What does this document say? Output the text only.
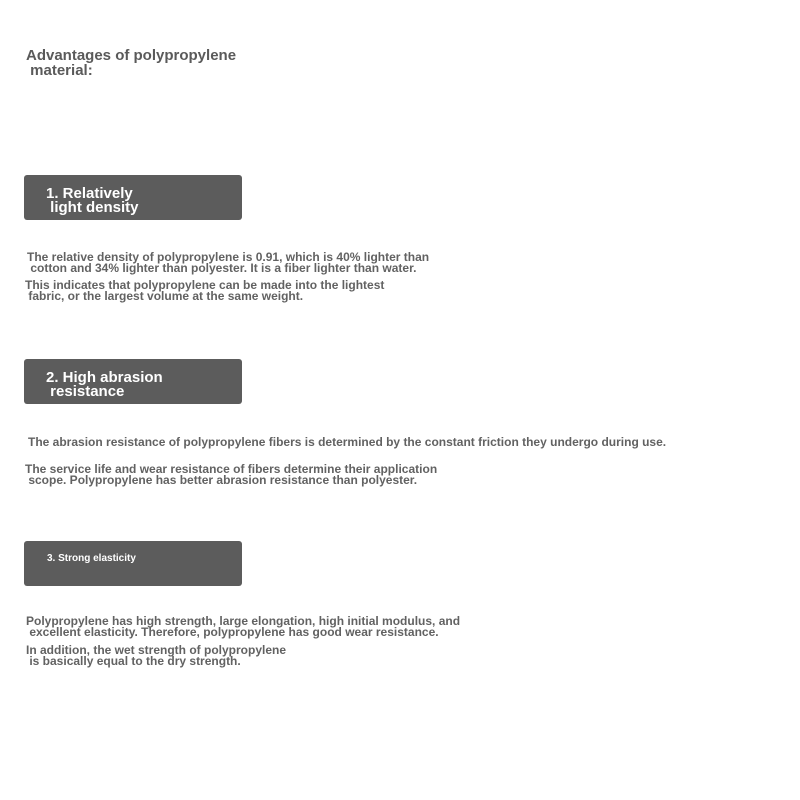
Advantages of polypropylene
material:

1. Relatively
light density

The relative density of polypropylene is 0.91, which is 40% lighter than
cotton and 34% lighter than polyester. It is a fiber lighter than water.
This indicates that polypropylene can be made into the lightest
fabric, or the largest volume at the same weight.

2. High abrasion
resistance

The abrasion resistance of polypropylene fibers is determined by the constant friction they undergo during use.
The service life and wear resistance of fibers determine their application
scope. Polypropylene has better abrasion resistance than polyester.

3. Strong elasticity

Polypropylene has high strength, large elongation, high initial modulus, and
excellent elasticity. Therefore, polypropylene has good wear resistance.
In addition, the wet strength of polypropylene
is basically equal to the dry strength.
